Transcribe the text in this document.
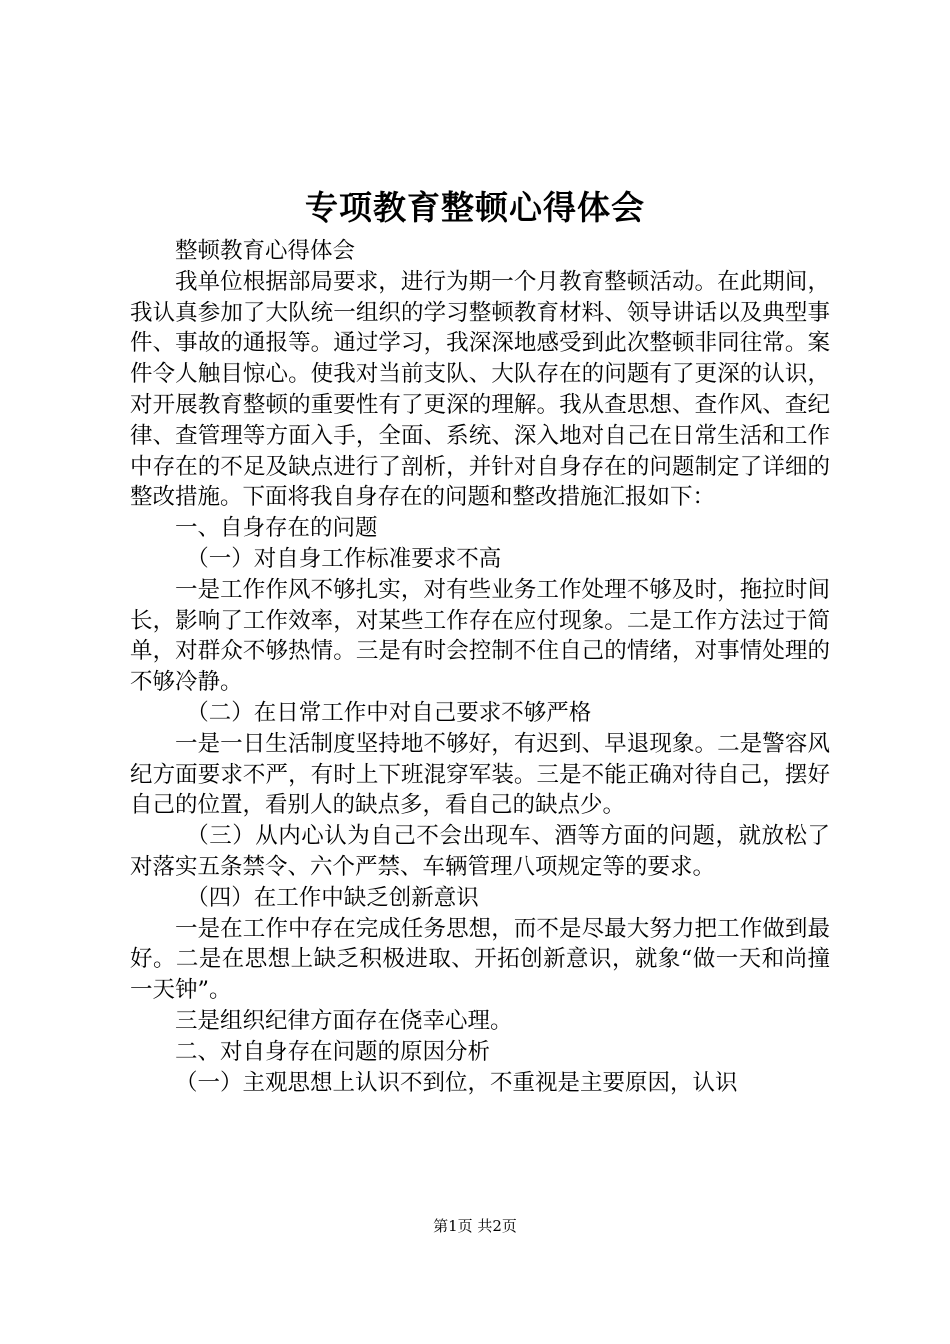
专项教育整顿心得体会

整顿教育心得体会

我单位根据部局要求，进行为期一个月教育整顿活动。在此期间，我认真参加了大队统一组织的学习整顿教育材料、领导讲话以及典型事件、事故的通报等。通过学习，我深深地感受到此次整顿非同往常。案件令人触目惊心。使我对当前支队、大队存在的问题有了更深的认识，对开展教育整顿的重要性有了更深的理解。我从查思想、查作风、查纪律、查管理等方面入手，全面、系统、深入地对自己在日常生活和工作中存在的不足及缺点进行了剖析，并针对自身存在的问题制定了详细的整改措施。下面将我自身存在的问题和整改措施汇报如下：

一、自身存在的问题

（一）对自身工作标准要求不高

一是工作作风不够扎实，对有些业务工作处理不够及时，拖拉时间长，影响了工作效率，对某些工作存在应付现象。二是工作方法过于简单，对群众不够热情。三是有时会控制不住自己的情绪，对事情处理的不够冷静。

（二）在日常工作中对自己要求不够严格

一是一日生活制度坚持地不够好，有迟到、早退现象。二是警容风纪方面要求不严，有时上下班混穿军装。三是不能正确对待自己，摆好自己的位置，看别人的缺点多，看自己的缺点少。

（三）从内心认为自己不会出现车、酒等方面的问题，就放松了对落实五条禁令、六个严禁、车辆管理八项规定等的要求。

（四）在工作中缺乏创新意识

一是在工作中存在完成任务思想，而不是尽最大努力把工作做到最好。二是在思想上缺乏积极进取、开拓创新意识，就象“做一天和尚撞一天钟”。

三是组织纪律方面存在侥幸心理。

二、对自身存在问题的原因分析

（一）主观思想上认识不到位，不重视是主要原因，认识

第1页 共2页
